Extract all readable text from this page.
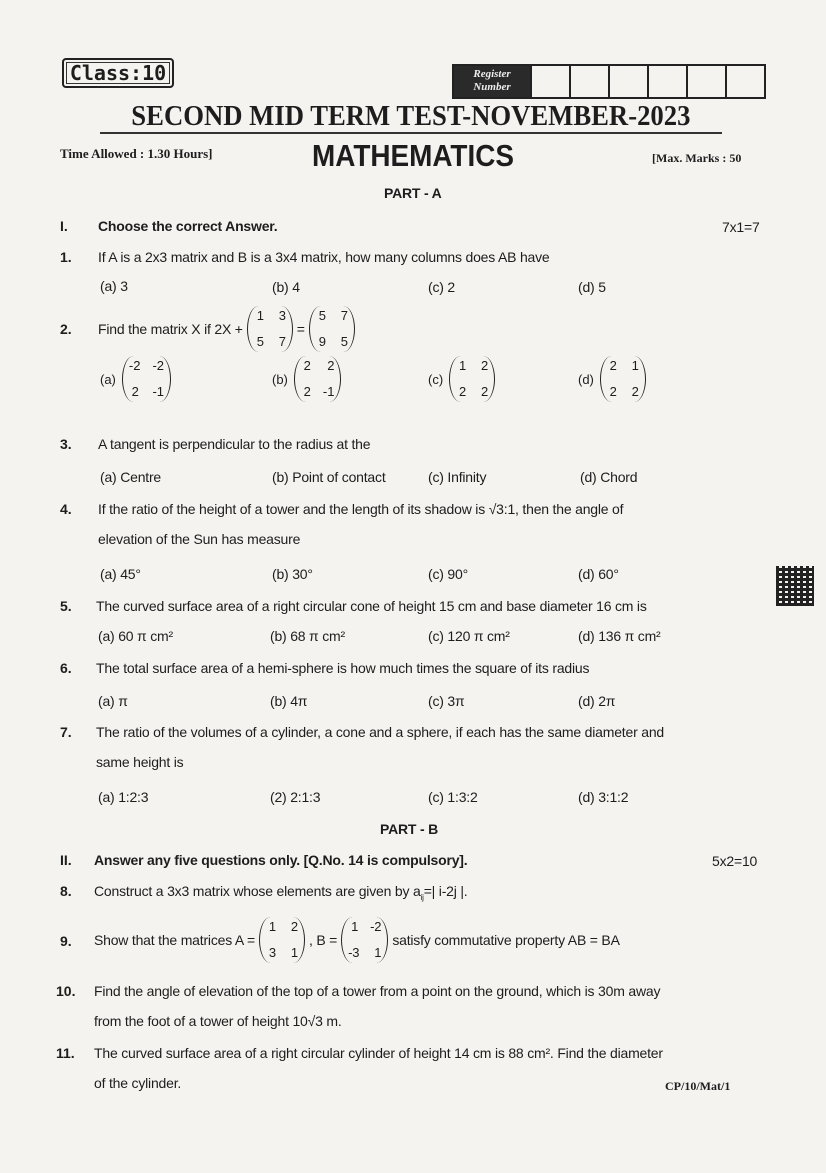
Class:10	Register Number
SECOND MID TERM TEST-NOVEMBER-2023
Time Allowed : 1.30 Hours]	MATHEMATICS	[Max. Marks : 50
PART - A
I. Choose the correct Answer.	7x1=7
1. If A is a 2x3 matrix and B is a 3x4 matrix, how many columns does AB have
(a) 3	(b) 4	(c) 2	(d) 5
2. Find the matrix X if 2X +
1 3
5 7
=
5 7
9 5
(a)
-2 -2
2 -1
(b)
2 2
2 -1
(c)
1 2
2 2
(d)
2 1
2 2
3. A tangent is perpendicular to the radius at the
(a) Centre	(b) Point of contact	(c) Infinity	(d) Chord
4. If the ratio of the height of a tower and the length of its shadow is √3:1, then the angle of
elevation of the Sun has measure
(a) 45°	(b) 30°	(c) 90°	(d) 60°
5. The curved surface area of a right circular cone of height 15 cm and base diameter 16 cm is
(a) 60 π cm²	(b) 68 π cm²	(c) 120 π cm²	(d) 136 π cm²
6. The total surface area of a hemi-sphere is how much times the square of its radius
(a) π	(b) 4π	(c) 3π	(d) 2π
7. The ratio of the volumes of a cylinder, a cone and a sphere, if each has the same diameter and
same height is
(a) 1:2:3	(2) 2:1:3	(c) 1:3:2	(d) 3:1:2
PART - B
II. Answer any five questions only. [Q.No. 14 is compulsory].	5x2=10
8. Construct a 3x3 matrix whose elements are given by $a_{ij}=|$ i-2j |.
9. Show that the matrices A =
1 2
3 1
, B =
1 -2
-3 1
satisfy commutative property AB = BA
10. Find the angle of elevation of the top of a tower from a point on the ground, which is 30m away
from the foot of a tower of height 10√3 m.
11. The curved surface area of a right circular cylinder of height 14 cm is 88 cm². Find the diameter
of the cylinder.	CP/10/Mat/1
